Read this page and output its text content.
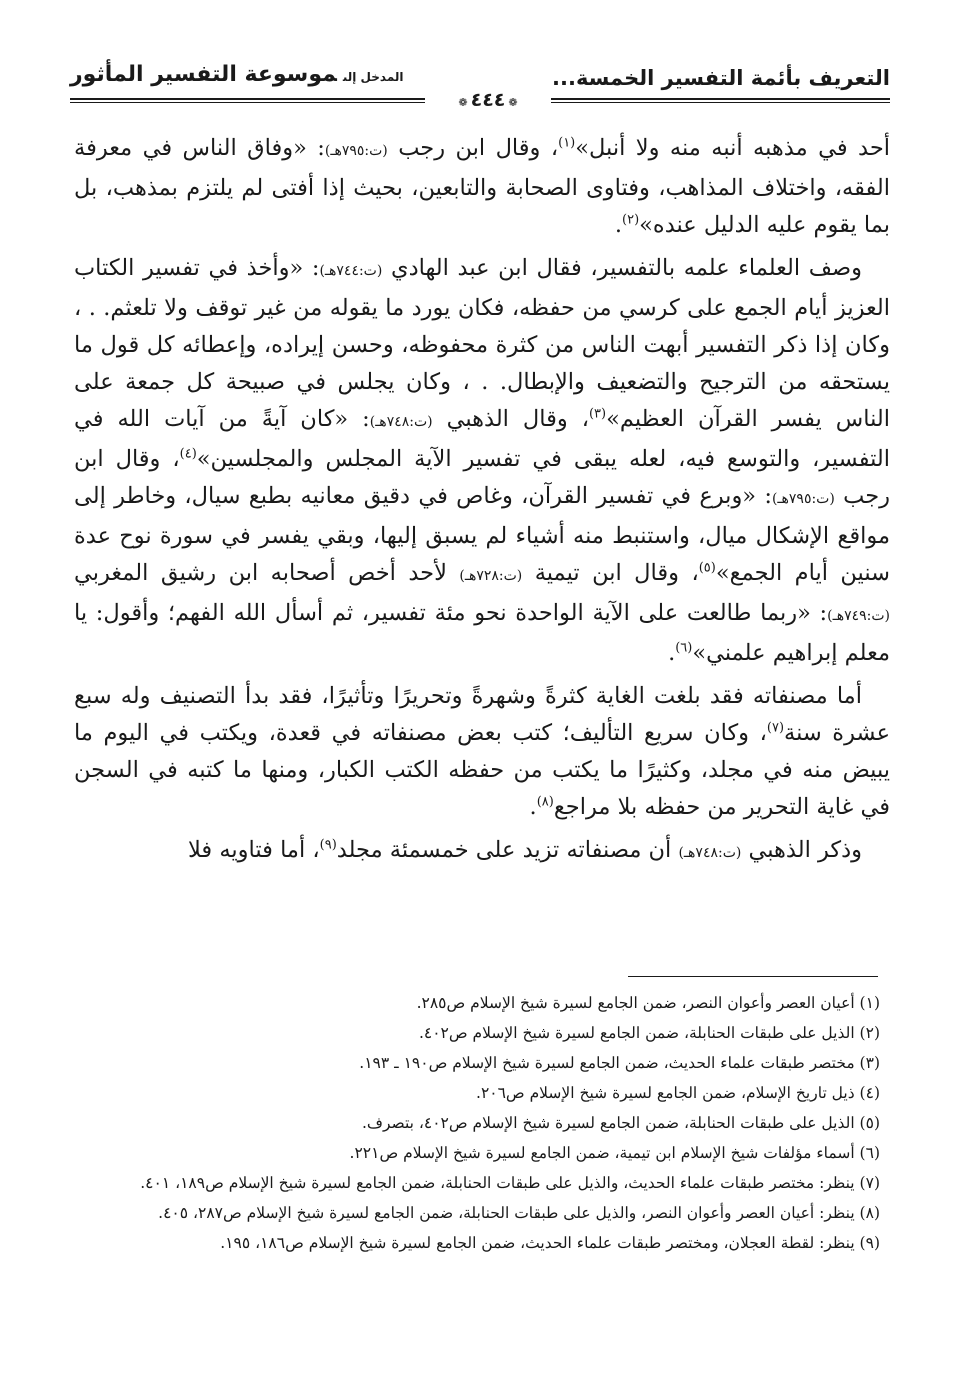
التعريف بأئمة التفسير الخمسة...
المدخل إلىموسوعة التفسير المأثور
❁٤٤٤❁

أحد في مذهبه أنبه منه ولا أنبل»$^{(١)}$، وقال ابن رجب (ت:٧٩٥هـ): «وفاق الناس في معرفة الفقه، واختلاف المذاهب، وفتاوى الصحابة والتابعين، بحيث إذا أفتى لم يلتزم بمذهب، بل بما يقوم عليه الدليل عنده»$^{(٢)}$.

وصف العلماء علمه بالتفسير، فقال ابن عبد الهادي (ت:٧٤٤هـ): «وأخذ في تفسير الكتاب العزيز أيام الجمع على كرسي من حفظه، فكان يورد ما يقوله من غير توقف ولا تلعثم. . ، وكان إذا ذكر التفسير أبهت الناس من كثرة محفوظه، وحسن إيراده، وإعطائه كل قول ما يستحقه من الترجيح والتضعيف والإبطال. . ، وكان يجلس في صبيحة كل جمعة على الناس يفسر القرآن العظيم»$^{(٣)}$، وقال الذهبي (ت:٧٤٨هـ): «كان آيةً من آيات الله في التفسير، والتوسع فيه، لعله يبقى في تفسير الآية المجلس والمجلسين»$^{(٤)}$، وقال ابن رجب (ت:٧٩٥هـ): «وبرع في تفسير القرآن، وغاص في دقيق معانيه بطبع سيال، وخاطر إلى مواقع الإشكال ميال، واستنبط منه أشياء لم يسبق إليها، وبقي يفسر في سورة نوح عدة سنين أيام الجمع»$^{(٥)}$، وقال ابن تيمية (ت:٧٢٨هـ) لأحد أخص أصحابه ابن رشيق المغربي (ت:٧٤٩هـ): «ربما طالعت على الآية الواحدة نحو مئة تفسير، ثم أسأل الله الفهم؛ وأقول: يا معلم إبراهيم علمني»$^{(٦)}$.

أما مصنفاته فقد بلغت الغاية كثرةً وشهرةً وتحريرًا وتأثيرًا، فقد بدأ التصنيف وله سبع عشرة سنة$^{(٧)}$، وكان سريع التأليف؛ كتب بعض مصنفاته في قعدة، ويكتب في اليوم ما يبيض منه في مجلد، وكثيرًا ما يكتب من حفظه الكتب الكبار، ومنها ما كتبه في السجن في غاية التحرير من حفظه بلا مراجع$^{(٨)}$.

وذكر الذهبي (ت:٧٤٨هـ) أن مصنفاته تزيد على خمسمئة مجلد$^{(٩)}$، أما فتاويه فلا

(١) أعيان العصر وأعوان النصر، ضمن الجامع لسيرة شيخ الإسلام ص٢٨٥.
(٢) الذيل على طبقات الحنابلة، ضمن الجامع لسيرة شيخ الإسلام ص٤٠٢.
(٣) مختصر طبقات علماء الحديث، ضمن الجامع لسيرة شيخ الإسلام ص١٩٠ ـ ١٩٣.
(٤) ذيل تاريخ الإسلام، ضمن الجامع لسيرة شيخ الإسلام ص٢٠٦.
(٥) الذيل على طبقات الحنابلة، ضمن الجامع لسيرة شيخ الإسلام ص٤٠٢، بتصرف.
(٦) أسماء مؤلفات شيخ الإسلام ابن تيمية، ضمن الجامع لسيرة شيخ الإسلام ص٢٢١.
(٧) ينظر: مختصر طبقات علماء الحديث، والذيل على طبقات الحنابلة، ضمن الجامع لسيرة شيخ الإسلام ص١٨٩، ٤٠١.
(٨) ينظر: أعيان العصر وأعوان النصر، والذيل على طبقات الحنابلة، ضمن الجامع لسيرة شيخ الإسلام ص٢٨٧، ٤٠٥.
(٩) ينظر: لقطة العجلان، ومختصر طبقات علماء الحديث، ضمن الجامع لسيرة شيخ الإسلام ص١٨٦، ١٩٥.
